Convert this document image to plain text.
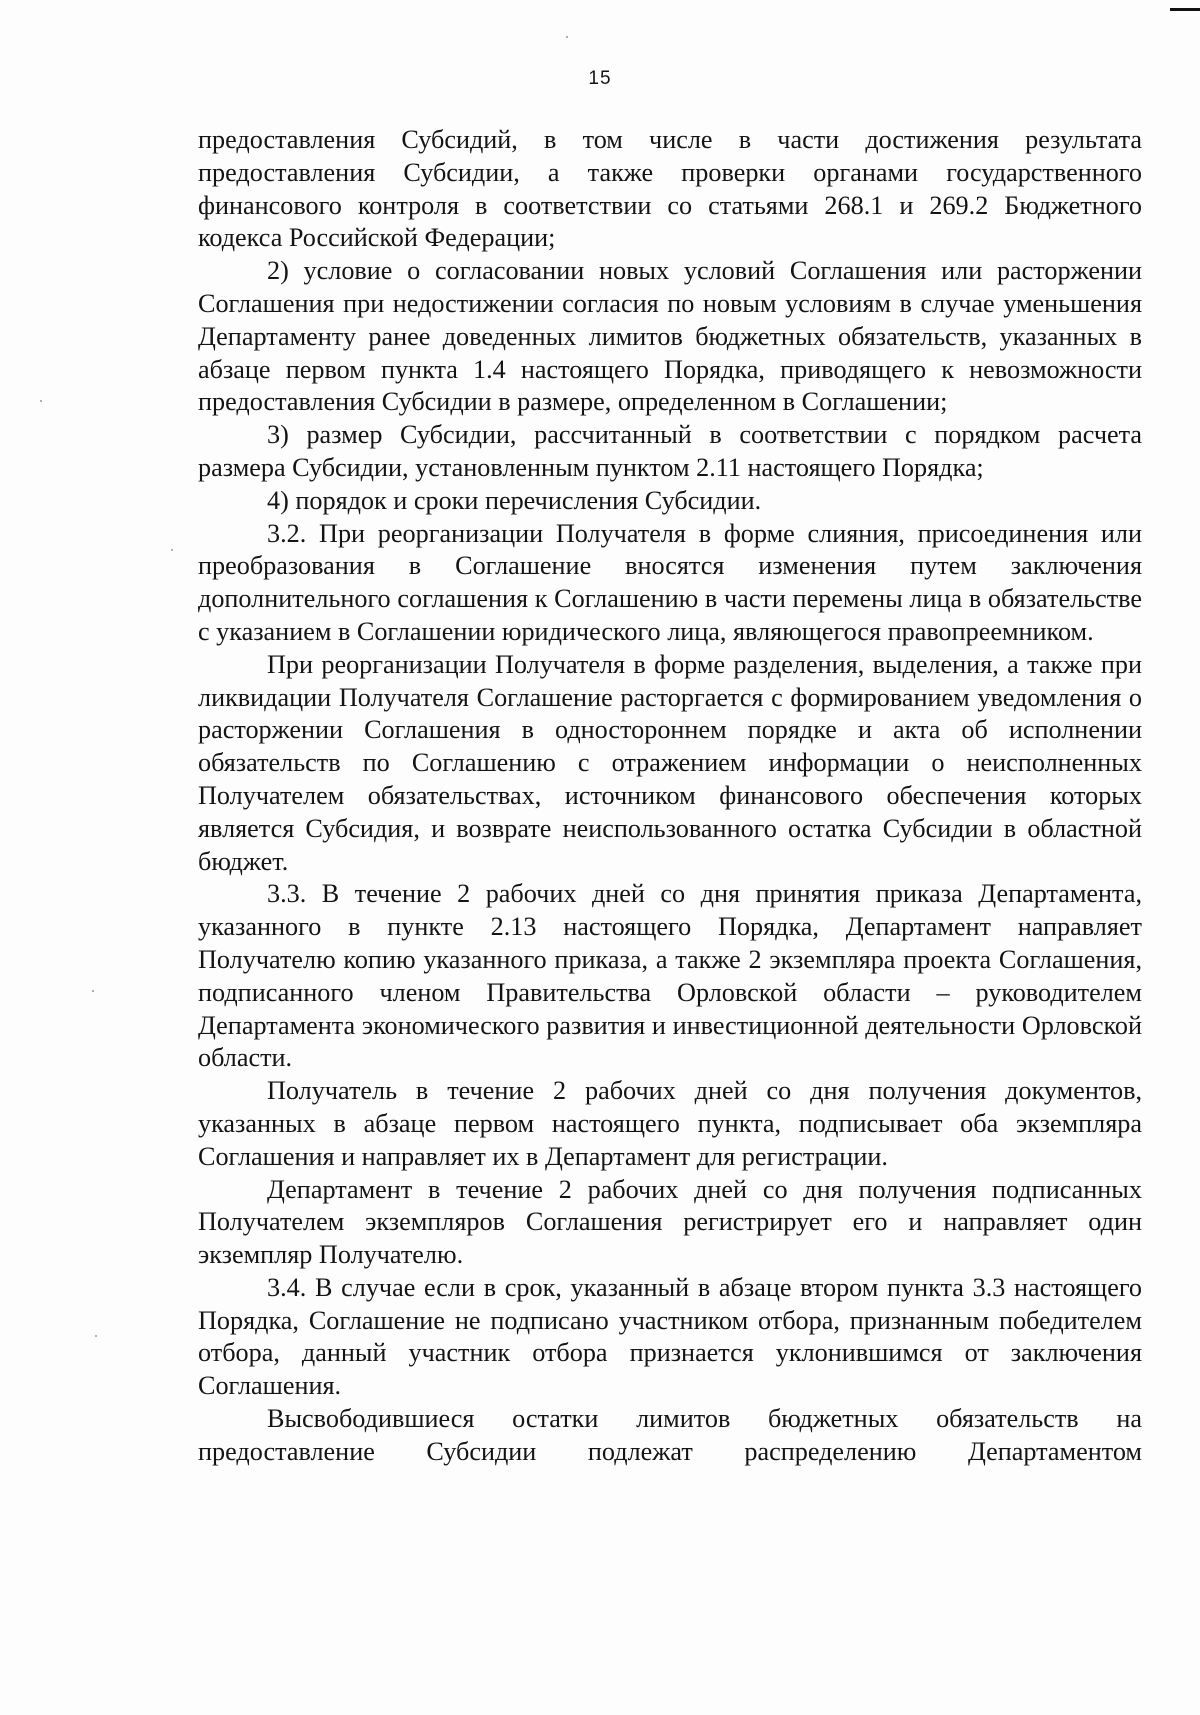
15

предоставления Субсидий, в том числе в части достижения результата предоставления Субсидии, а также проверки органами государственного финансового контроля в соответствии со статьями 268.1 и 269.2 Бюджетного кодекса Российской Федерации;

2) условие о согласовании новых условий Соглашения или расторжении Соглашения при недостижении согласия по новым условиям в случае уменьшения Департаменту ранее доведенных лимитов бюджетных обязательств, указанных в абзаце первом пункта 1.4 настоящего Порядка, приводящего к невозможности предоставления Субсидии в размере, определенном в Соглашении;

3) размер Субсидии, рассчитанный в соответствии с порядком расчета размера Субсидии, установленным пунктом 2.11 настоящего Порядка;

4) порядок и сроки перечисления Субсидии.

3.2. При реорганизации Получателя в форме слияния, присоединения или преобразования в Соглашение вносятся изменения путем заключения дополнительного соглашения к Соглашению в части перемены лица в обязательстве с указанием в Соглашении юридического лица, являющегося правопреемником.

При реорганизации Получателя в форме разделения, выделения, а также при ликвидации Получателя Соглашение расторгается с формированием уведомления о расторжении Соглашения в одностороннем порядке и акта об исполнении обязательств по Соглашению с отражением информации о неисполненных Получателем обязательствах, источником финансового обеспечения которых является Субсидия, и возврате неиспользованного остатка Субсидии в областной бюджет.

3.3. В течение 2 рабочих дней со дня принятия приказа Департамента, указанного в пункте 2.13 настоящего Порядка, Департамент направляет Получателю копию указанного приказа, а также 2 экземпляра проекта Соглашения, подписанного членом Правительства Орловской области – руководителем Департамента экономического развития и инвестиционной деятельности Орловской области.

Получатель в течение 2 рабочих дней со дня получения документов, указанных в абзаце первом настоящего пункта, подписывает оба экземпляра Соглашения и направляет их в Департамент для регистрации.

Департамент в течение 2 рабочих дней со дня получения подписанных Получателем экземпляров Соглашения регистрирует его и направляет один экземпляр Получателю.

3.4. В случае если в срок, указанный в абзаце втором пункта 3.3 настоящего Порядка, Соглашение не подписано участником отбора, признанным победителем отбора, данный участник отбора признается уклонившимся от заключения Соглашения.

Высвободившиеся остатки лимитов бюджетных обязательств на предоставление Субсидии подлежат распределению Департаментом
